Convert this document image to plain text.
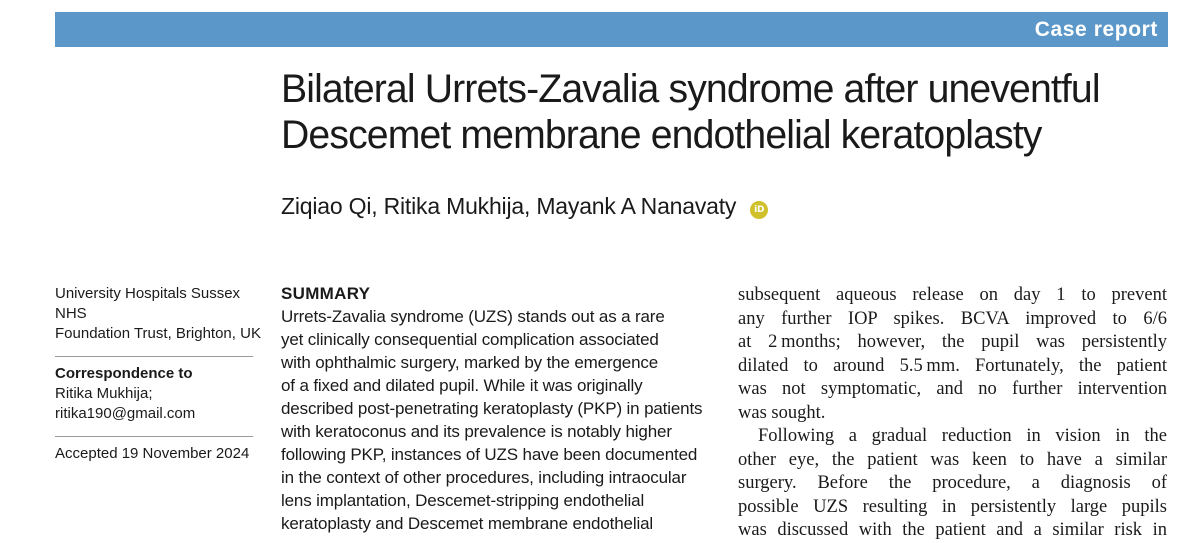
Case report
Bilateral Urrets-Zavalia syndrome after uneventful
Descemet membrane endothelial keratoplasty
Ziqiao Qi, Ritika Mukhija, Mayank A Nanavaty iD

University Hospitals Sussex NHS

Foundation Trust, Brighton, UK

Correspondence to

Ritika Mukhija;

ritika190@gmail.com

Accepted 19 November 2024

SUMMARY
Urrets-Zavalia syndrome (UZS) stands out as a rare
yet clinically consequential complication associated
with ophthalmic surgery, marked by the emergence
of a fixed and dilated pupil. While it was originally
described post-penetrating keratoplasty (PKP) in patients
with keratoconus and its prevalence is notably higher
following PKP, instances of UZS have been documented
in the context of other procedures, including intraocular
lens implantation, Descemet-stripping endothelial
keratoplasty and Descemet membrane endothelial
subsequent aqueous release on day 1 to prevent
any further IOP spikes. BCVA improved to 6/6
at 2 months; however, the pupil was persistently
dilated to around 5.5 mm. Fortunately, the patient
was not symptomatic, and no further intervention
was sought.
Following a gradual reduction in vision in the
other eye, the patient was keen to have a similar
surgery. Before the procedure, a diagnosis of
possible UZS resulting in persistently large pupils
was discussed with the patient and a similar risk in
